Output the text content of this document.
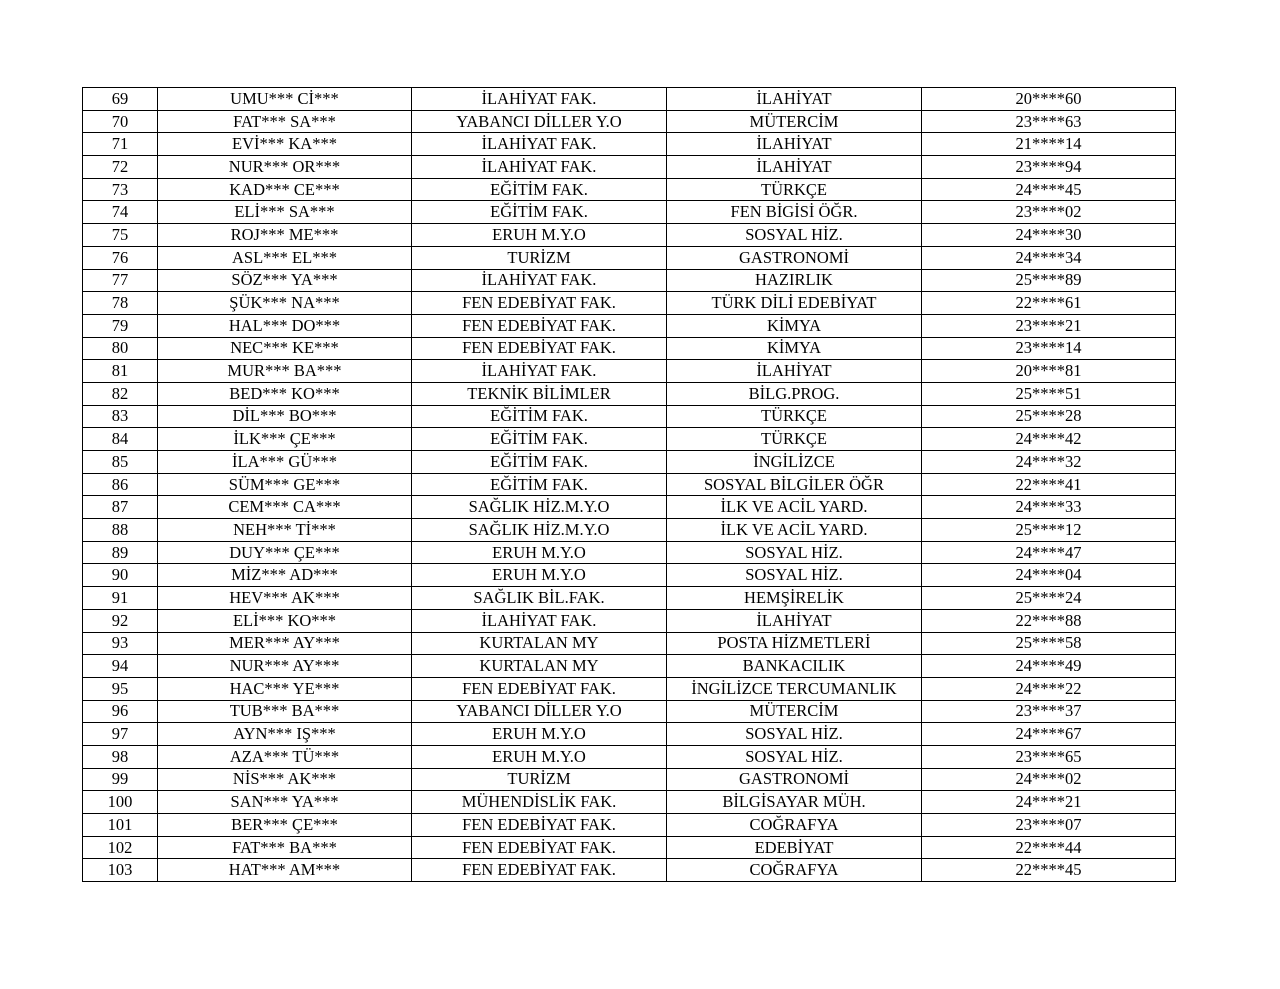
69	UMU*** Cİ***	İLAHİYAT FAK.	İLAHİYAT	20****60
70	FAT*** SA***	YABANCI DİLLER Y.O	MÜTERCİM	23****63
71	EVİ*** KA***	İLAHİYAT FAK.	İLAHİYAT	21****14
72	NUR*** OR***	İLAHİYAT FAK.	İLAHİYAT	23****94
73	KAD*** CE***	EĞİTİM FAK.	TÜRKÇE	24****45
74	ELİ*** SA***	EĞİTİM FAK.	FEN BİGİSİ ÖĞR.	23****02
75	ROJ*** ME***	ERUH M.Y.O	SOSYAL HİZ.	24****30
76	ASL*** EL***	TURİZM	GASTRONOMİ	24****34
77	SÖZ*** YA***	İLAHİYAT FAK.	HAZIRLIK	25****89
78	ŞÜK*** NA***	FEN EDEBİYAT FAK.	TÜRK DİLİ EDEBİYAT	22****61
79	HAL*** DO***	FEN EDEBİYAT FAK.	KİMYA	23****21
80	NEC*** KE***	FEN EDEBİYAT FAK.	KİMYA	23****14
81	MUR*** BA***	İLAHİYAT FAK.	İLAHİYAT	20****81
82	BED*** KO***	TEKNİK BİLİMLER	BİLG.PROG.	25****51
83	DİL*** BO***	EĞİTİM FAK.	TÜRKÇE	25****28
84	İLK*** ÇE***	EĞİTİM FAK.	TÜRKÇE	24****42
85	İLA*** GÜ***	EĞİTİM FAK.	İNGİLİZCE	24****32
86	SÜM*** GE***	EĞİTİM FAK.	SOSYAL BİLGİLER ÖĞR	22****41
87	CEM*** CA***	SAĞLIK HİZ.M.Y.O	İLK VE ACİL YARD.	24****33
88	NEH*** Tİ***	SAĞLIK HİZ.M.Y.O	İLK VE ACİL YARD.	25****12
89	DUY*** ÇE***	ERUH M.Y.O	SOSYAL HİZ.	24****47
90	MİZ*** AD***	ERUH M.Y.O	SOSYAL HİZ.	24****04
91	HEV*** AK***	SAĞLIK BİL.FAK.	HEMŞİRELİK	25****24
92	ELİ*** KO***	İLAHİYAT FAK.	İLAHİYAT	22****88
93	MER*** AY***	KURTALAN MY	POSTA HİZMETLERİ	25****58
94	NUR*** AY***	KURTALAN MY	BANKACILIK	24****49
95	HAC*** YE***	FEN EDEBİYAT FAK.	İNGİLİZCE TERCUMANLIK	24****22
96	TUB*** BA***	YABANCI DİLLER Y.O	MÜTERCİM	23****37
97	AYN*** IŞ***	ERUH M.Y.O	SOSYAL HİZ.	24****67
98	AZA*** TÜ***	ERUH M.Y.O	SOSYAL HİZ.	23****65
99	NİS*** AK***	TURİZM	GASTRONOMİ	24****02
100	SAN*** YA***	MÜHENDİSLİK FAK.	BİLGİSAYAR MÜH.	24****21
101	BER*** ÇE***	FEN EDEBİYAT FAK.	COĞRAFYA	23****07
102	FAT*** BA***	FEN EDEBİYAT FAK.	EDEBİYAT	22****44
103	HAT*** AM***	FEN EDEBİYAT FAK.	COĞRAFYA	22****45
